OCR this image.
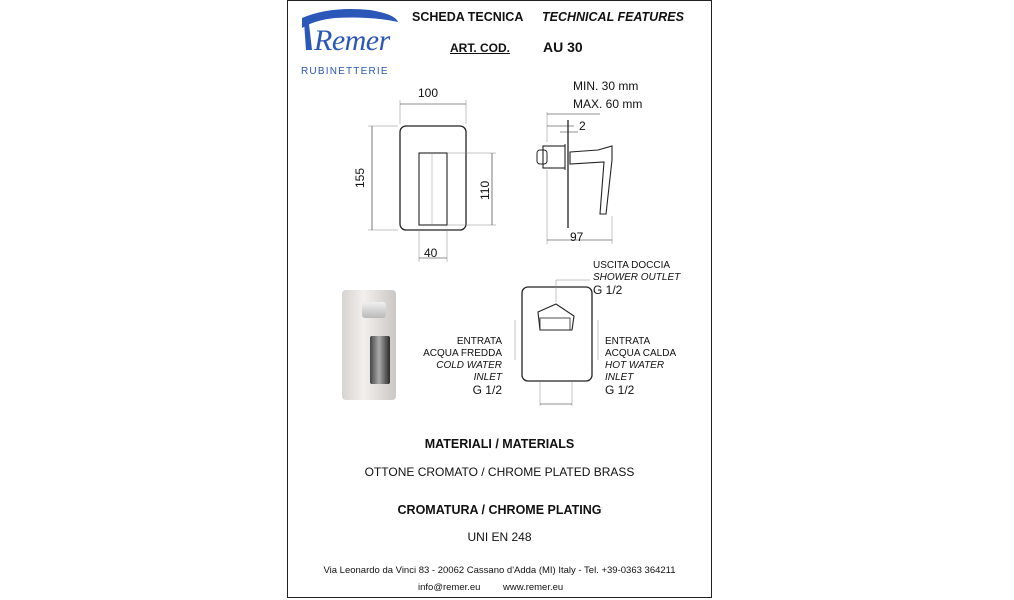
Remer
RUBINETTERIE
SCHEDA TECNICA TECHNICAL FEATURES
ART. COD. AU 30
100
155
110
40
MIN. 30 mm
MAX. 60 mm
2
97
USCITA DOCCIA
SHOWER OUTLET
G 1/2
ENTRATA
ACQUA FREDDA
COLD WATER
INLET
G 1/2
ENTRATA
ACQUA CALDA
HOT WATER
INLET
G 1/2
MATERIALI / MATERIALS
OTTONE CROMATO / CHROME PLATED BRASS
CROMATURA / CHROME PLATING
UNI EN 248
Via Leonardo da Vinci 83 - 20062 Cassano d'Adda (MI) Italy - Tel. +39-0363 364211
info@remer.eu www.remer.eu
